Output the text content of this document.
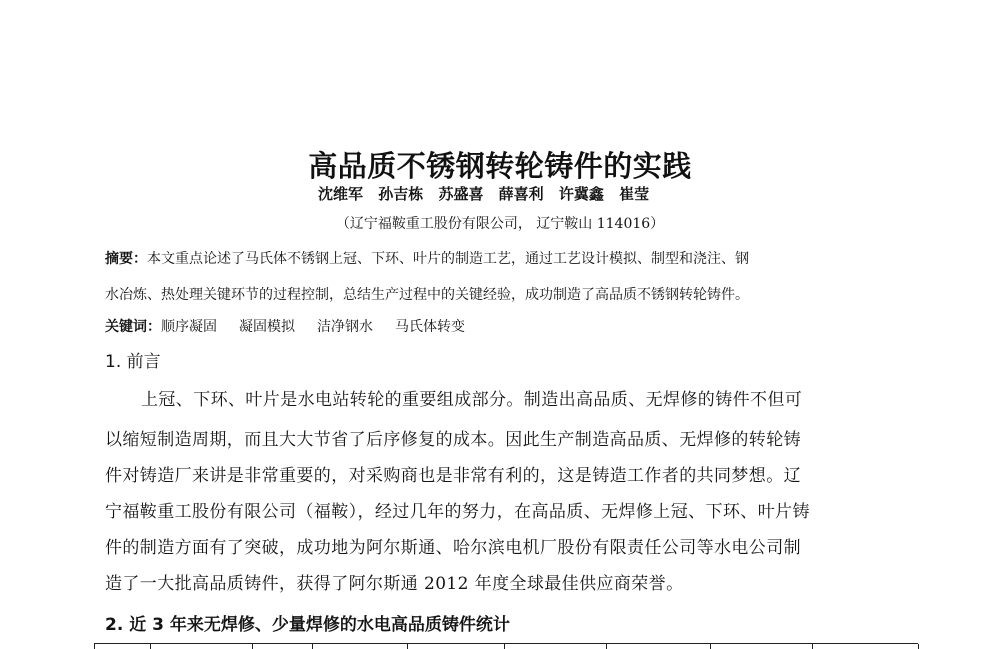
高品质不锈钢转轮铸件的实践
沈维军 孙吉栋 苏盛喜 薛喜利 许冀鑫 崔莹
（辽宁福鞍重工股份有限公司， 辽宁鞍山 114016）
摘要：本文重点论述了马氏体不锈钢上冠、下环、叶片的制造工艺，通过工艺设计模拟、制型和浇注、钢
水冶炼、热处理关键环节的过程控制，总结生产过程中的关键经验，成功制造了高品质不锈钢转轮铸件。
关键词：顺序凝固 凝固模拟 洁净钢水 马氏体转变
1. 前言
上冠、下环、叶片是水电站转轮的重要组成部分。制造出高品质、无焊修的铸件不但可
以缩短制造周期，而且大大节省了后序修复的成本。因此生产制造高品质、无焊修的转轮铸
件对铸造厂来讲是非常重要的，对采购商也是非常有利的，这是铸造工作者的共同梦想。辽
宁福鞍重工股份有限公司（福鞍），经过几年的努力，在高品质、无焊修上冠、下环、叶片铸
件的制造方面有了突破，成功地为阿尔斯通、哈尔滨电机厂股份有限责任公司等水电公司制
造了一大批高品质铸件，获得了阿尔斯通 2012 年度全球最佳供应商荣誉。
2. 近 3 年来无焊修、少量焊修的水电高品质铸件统计
